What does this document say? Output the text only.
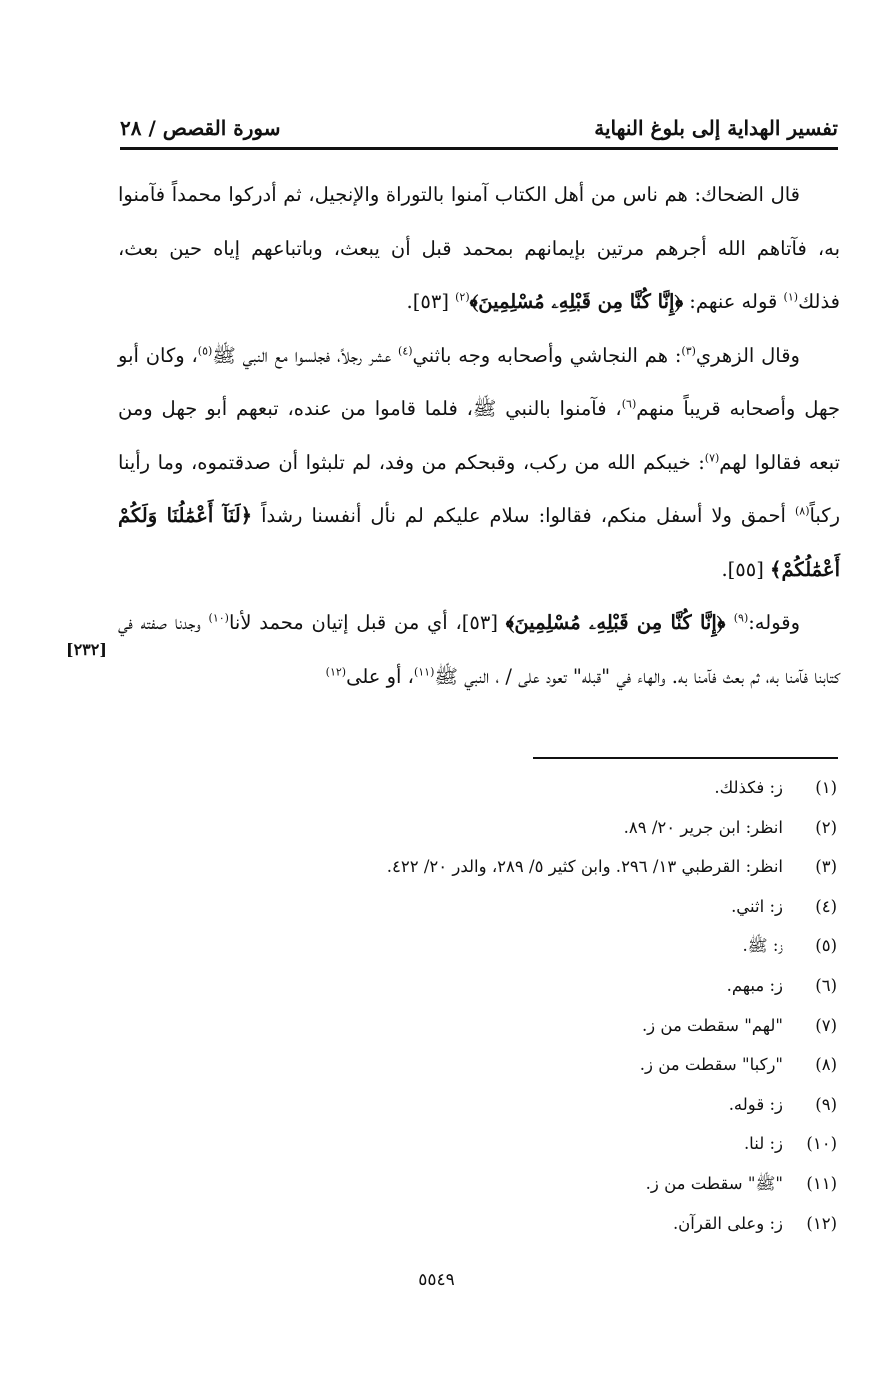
تفسير الهداية إلى بلوغ النهاية
سورة القصص / ٢٨

قال الضحاك: هم ناس من أهل الكتاب آمنوا بالتوراة والإنجيل، ثم أدركوا محمداً فآمنوا به، فآتاهم الله أجرهم مرتين بإيمانهم بمحمد قبل أن يبعث، وباتباعهم إياه حين بعث، فذلك$^{(١)}$ قوله عنهم: ﴿إِنَّا كُنَّا مِن قَبْلِهِۦ مُسْلِمِينَ﴾$^{(٢)}$ [٥٣].

وقال الزهري$^{(٣)}$: هم النجاشي وأصحابه وجه باثني$^{(٤)}$ عشر رجلاً، فجلسوا مع النبي ﷺ$^{(٥)}$، وكان أبو جهل وأصحابه قريباً منهم$^{(٦)}$، فآمنوا بالنبي ﷺ، فلما قاموا من عنده، تبعهم أبو جهل ومن تبعه فقالوا لهم$^{(٧)}$: خيبكم الله من ركب، وقبحكم من وفد، لم تلبثوا أن صدقتموه، وما رأينا ركباً$^{(٨)}$ أحمق ولا أسفل منكم، فقالوا: سلام عليكم لم نأل أنفسنا رشداً ﴿لَنَآ أَعْمَٰلُنَا وَلَكُمْ أَعْمَٰلُكُمْ﴾ [٥٥].

وقوله:$^{(٩)}$ ﴿إِنَّا كُنَّا مِن قَبْلِهِۦ مُسْلِمِينَ﴾ [٥٣]، أي من قبل إتيان محمد لأنا$^{(١٠)}$ وجدنا صفته في كتابنا فآمنا به، ثم بعث فآمنا به. والهاء في "قبله" تعود على / ، النبي ﷺ$^{(١١)}$، أو على$^{(١٢)}$

[٢٣٢]
(١)
ز: فكذلك.
(٢)
انظر: ابن جرير ٢٠/ ٨٩.
(٣)
انظر: القرطبي ١٣/ ٢٩٦. وابن كثير ٥/ ٢٨٩، والدر ٢٠/ ٤٢٢.
(٤)
ز: اثني.
(٥)
ز: ﷺ.
(٦)
ز: مبهم.
(٧)
"لهم" سقطت من ز.
(٨)
"ركبا" سقطت من ز.
(٩)
ز: قوله.
(١٠)
ز: لنا.
(١١)
"ﷺ" سقطت من ز.
(١٢)
ز: وعلى القرآن.
٥٥٤٩
